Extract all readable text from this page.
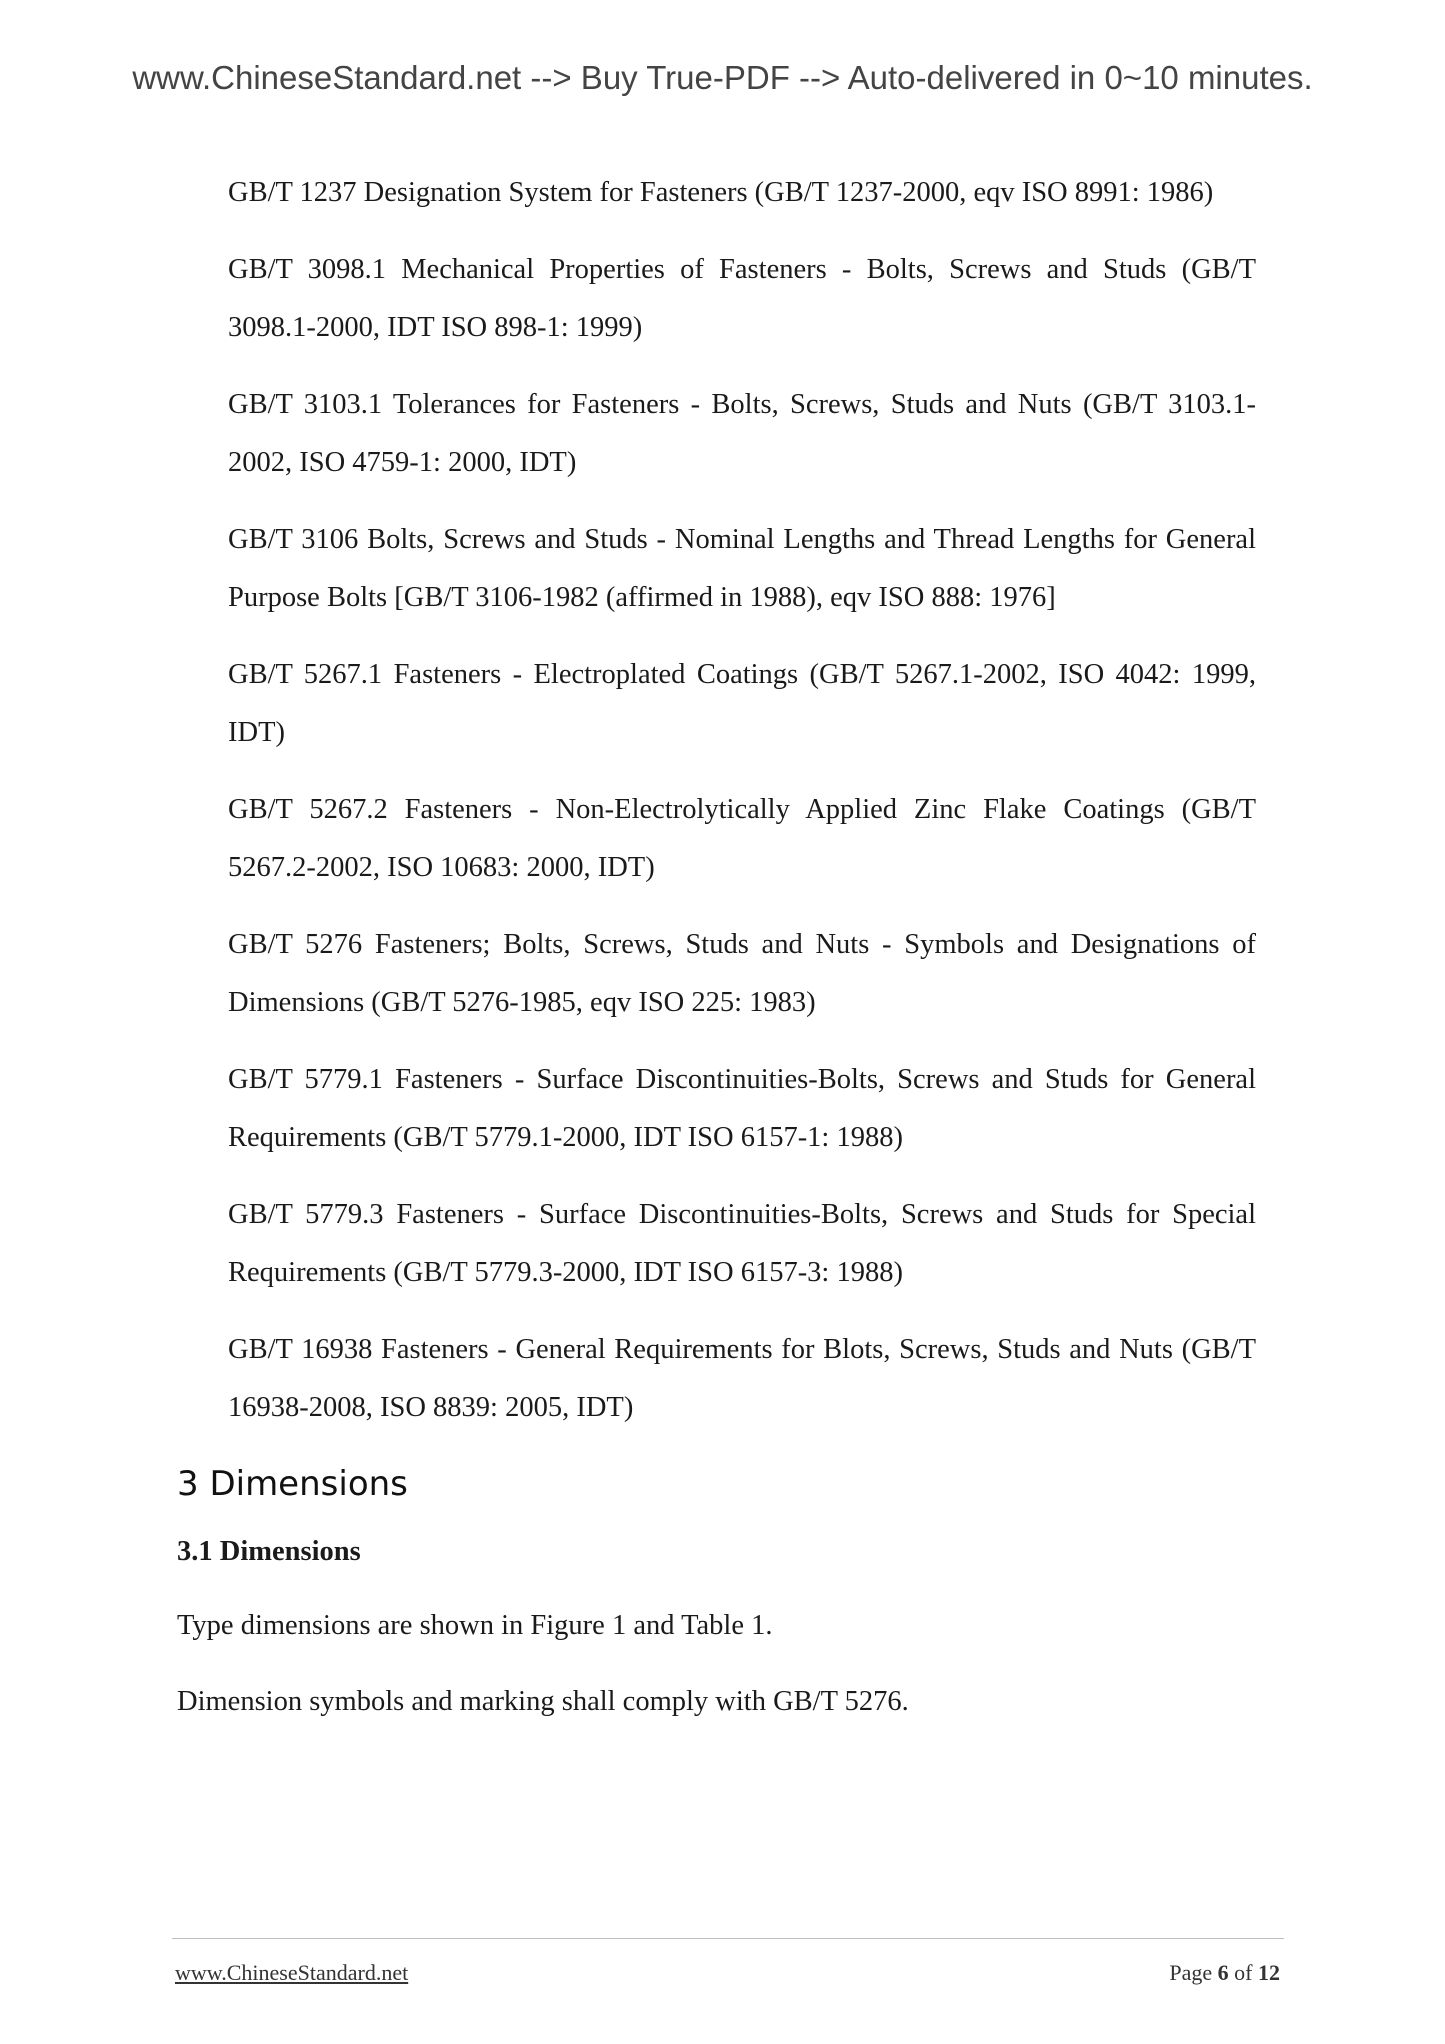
www.ChineseStandard.net --> Buy True-PDF --> Auto-delivered in 0~10 minutes.
GB/T 1237 Designation System for Fasteners (GB/T 1237-2000, eqv ISO 8991: 1986)
GB/T 3098.1 Mechanical Properties of Fasteners - Bolts, Screws and Studs (GB/T 3098.1-2000, IDT ISO 898-1: 1999)
GB/T 3103.1 Tolerances for Fasteners - Bolts, Screws, Studs and Nuts (GB/T 3103.1-2002, ISO 4759-1: 2000, IDT)
GB/T 3106 Bolts, Screws and Studs - Nominal Lengths and Thread Lengths for General Purpose Bolts [GB/T 3106-1982 (affirmed in 1988), eqv ISO 888: 1976]
GB/T 5267.1 Fasteners - Electroplated Coatings (GB/T 5267.1-2002, ISO 4042: 1999, IDT)
GB/T 5267.2 Fasteners - Non-Electrolytically Applied Zinc Flake Coatings (GB/T 5267.2-2002, ISO 10683: 2000, IDT)
GB/T 5276 Fasteners; Bolts, Screws, Studs and Nuts - Symbols and Designations of Dimensions (GB/T 5276-1985, eqv ISO 225: 1983)
GB/T 5779.1 Fasteners - Surface Discontinuities-Bolts, Screws and Studs for General Requirements (GB/T 5779.1-2000, IDT ISO 6157-1: 1988)
GB/T 5779.3 Fasteners - Surface Discontinuities-Bolts, Screws and Studs for Special Requirements (GB/T 5779.3-2000, IDT ISO 6157-3: 1988)
GB/T 16938 Fasteners - General Requirements for Blots, Screws, Studs and Nuts (GB/T 16938-2008, ISO 8839: 2005, IDT)
3 Dimensions
3.1 Dimensions

Type dimensions are shown in Figure 1 and Table 1.

Dimension symbols and marking shall comply with GB/T 5276.

www.ChineseStandard.net	Page 6 of 12
